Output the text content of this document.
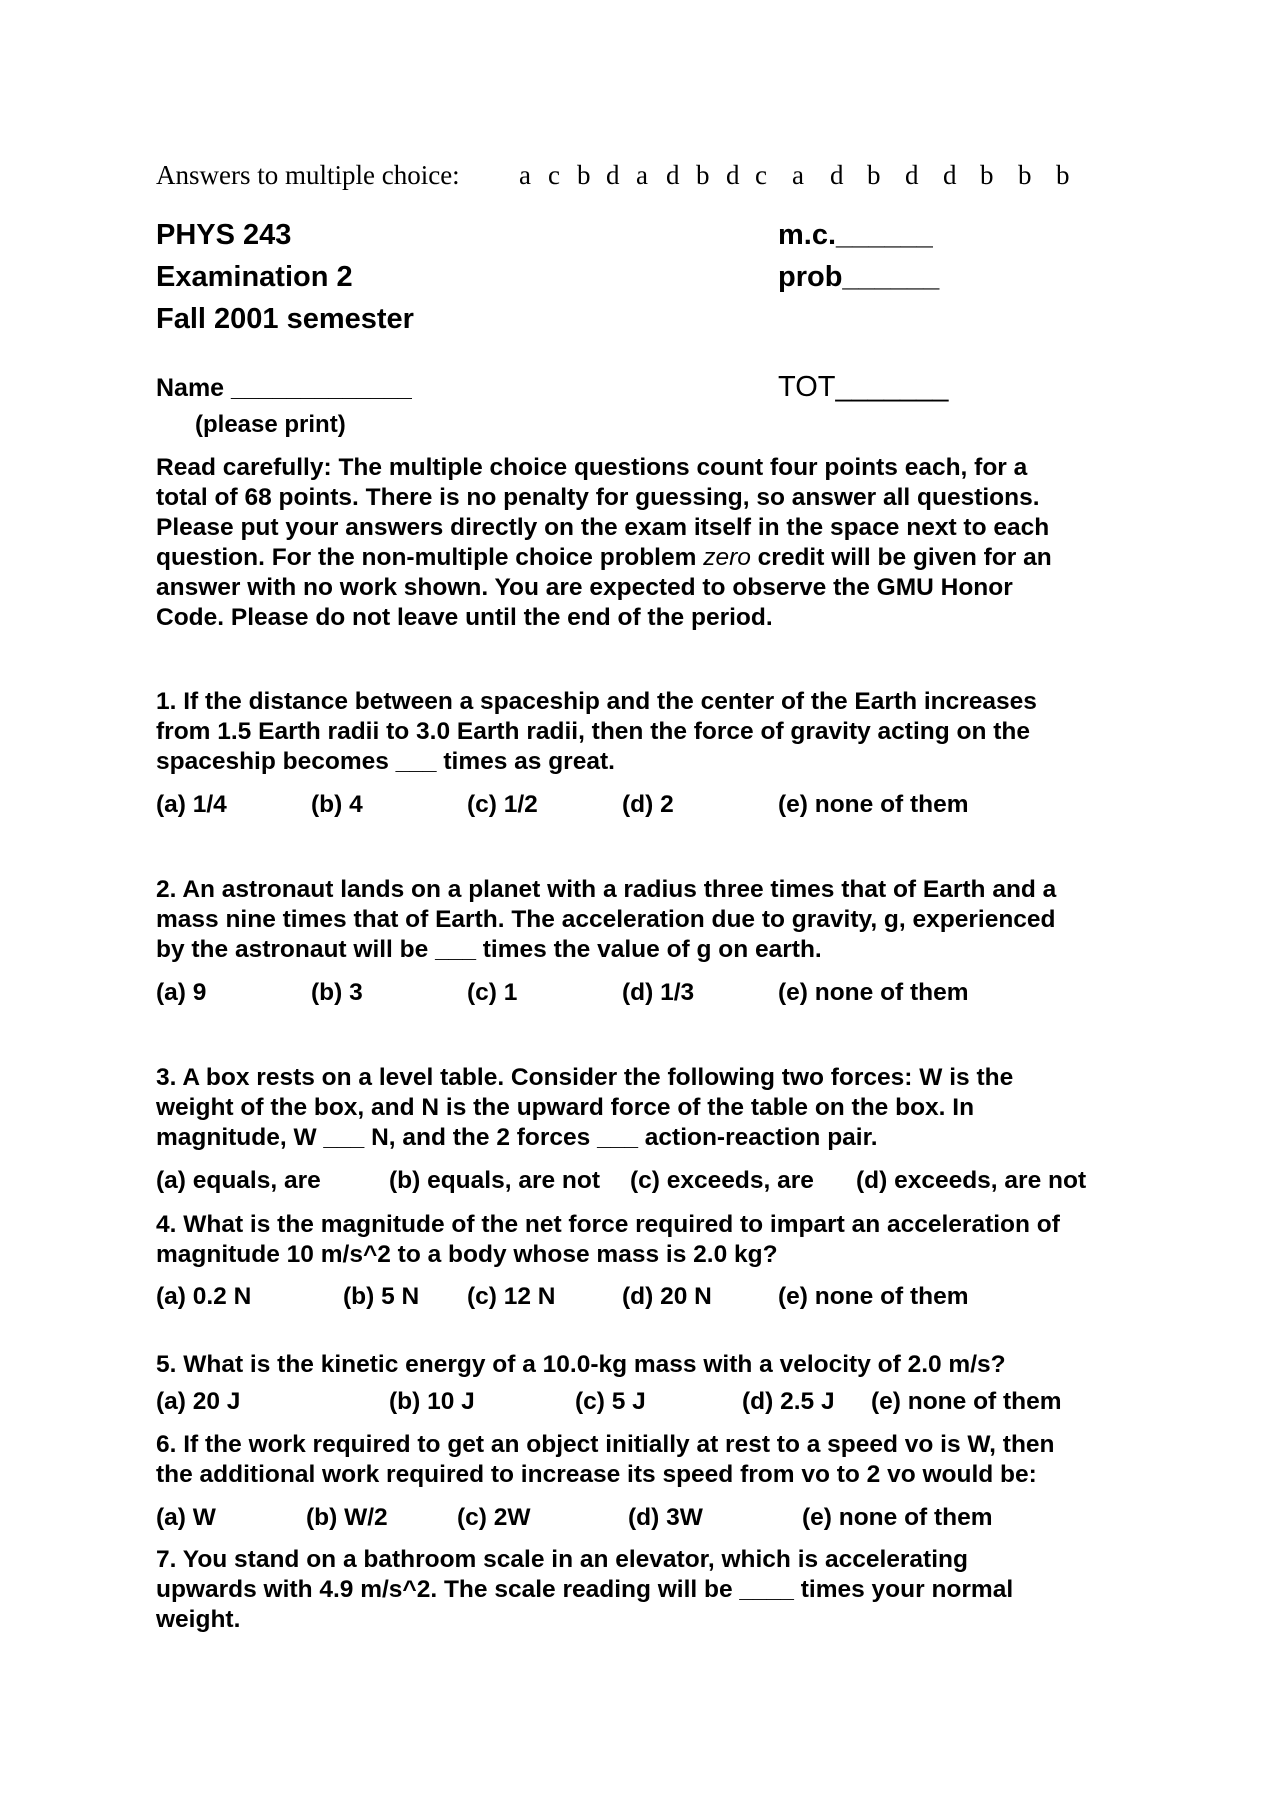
Answers to multiple choice: a c b d a d b d c a d b d d b b b
PHYS 243
Examination 2
Fall 2001 semester
m.c.______
prob______
Name _____________
(please print)
TOT_______
Read carefully: The multiple choice questions count four points each, for a
total of 68 points. There is no penalty for guessing, so answer all questions.
Please put your answers directly on the exam itself in the space next to each
question. For the non-multiple choice problem zero credit will be given for an
answer with no work shown. You are expected to observe the GMU Honor
Code. Please do not leave until the end of the period.
1. If the distance between a spaceship and the center of the Earth increases
from 1.5 Earth radii to 3.0 Earth radii, then the force of gravity acting on the
spaceship becomes ___ times as great.
(a) 1/4	(b) 4	(c) 1/2	(d) 2	(e) none of them
2. An astronaut lands on a planet with a radius three times that of Earth and a
mass nine times that of Earth. The acceleration due to gravity, g, experienced
by the astronaut will be ___ times the value of g on earth.
(a) 9	(b) 3	(c) 1	(d) 1/3	(e) none of them
3. A box rests on a level table. Consider the following two forces: W is the
weight of the box, and N is the upward force of the table on the box. In
magnitude, W ___ N, and the 2 forces ___ action-reaction pair.
(a) equals, are	(b) equals, are not (c) exceeds, are (d) exceeds, are not
4. What is the magnitude of the net force required to impart an acceleration of
magnitude 10 m/s^2 to a body whose mass is 2.0 kg?
(a) 0.2 N	(b) 5 N (c) 12 N	(d) 20 N	(e) none of them
5. What is the kinetic energy of a 10.0-kg mass with a velocity of 2.0 m/s?
(a) 20 J	(b) 10 J	(c) 5 J	(d) 2.5 J (e) none of them
6. If the work required to get an object initially at rest to a speed vo is W, then
the additional work required to increase its speed from vo to 2 vo would be:
(a) W	(b) W/2	(c) 2W	(d) 3W	(e) none of them
7. You stand on a bathroom scale in an elevator, which is accelerating
upwards with 4.9 m/s^2. The scale reading will be ____ times your normal
weight.
